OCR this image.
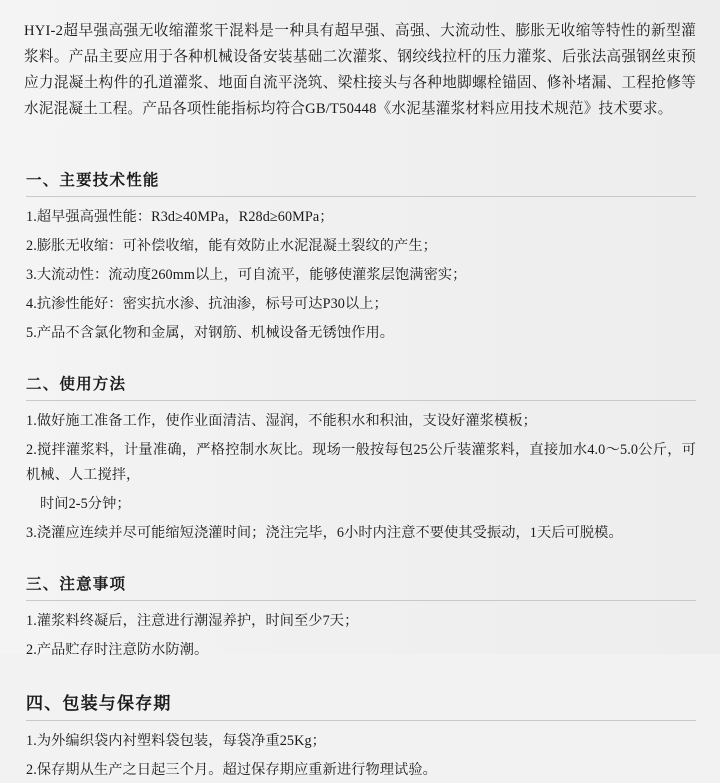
HYI-2超早强高强无收缩灌浆干混料是一种具有超早强、高强、大流动性、膨胀无收缩等特性的新型灌浆料。产品主要应用于各种机械设备安装基础二次灌浆、钢绞线拉杆的压力灌浆、后张法高强钢丝束预应力混凝土构件的孔道灌浆、地面自流平浇筑、梁柱接头与各种地脚螺栓锚固、修补堵漏、工程抢修等水泥混凝土工程。产品各项性能指标均符合GB/T50448《水泥基灌浆材料应用技术规范》技术要求。

一、主要技术性能

1.超早强高强性能：R3d≥40MPa，R28d≥60MPa；

2.膨胀无收缩：可补偿收缩，能有效防止水泥混凝土裂纹的产生；

3.大流动性：流动度260mm以上，可自流平，能够使灌浆层饱满密实；

4.抗渗性能好：密实抗水渗、抗油渗，标号可达P30以上；

5.产品不含氯化物和金属，对钢筋、机械设备无锈蚀作用。

二、使用方法

1.做好施工准备工作，使作业面清洁、湿润，不能积水和积油，支设好灌浆模板；

2.搅拌灌浆料，计量准确，严格控制水灰比。现场一般按每包25公斤装灌浆料，直接加水4.0～5.0公斤，可机械、人工搅拌，

时间2-5分钟；

3.浇灌应连续并尽可能缩短浇灌时间；浇注完毕，6小时内注意不要使其受振动，1天后可脱模。

三、注意事项

1.灌浆料终凝后，注意进行潮湿养护，时间至少7天；

2.产品贮存时注意防水防潮。

四、包装与保存期

1.为外编织袋内衬塑料袋包装，每袋净重25Kg；

2.保存期从生产之日起三个月。超过保存期应重新进行物理试验。
